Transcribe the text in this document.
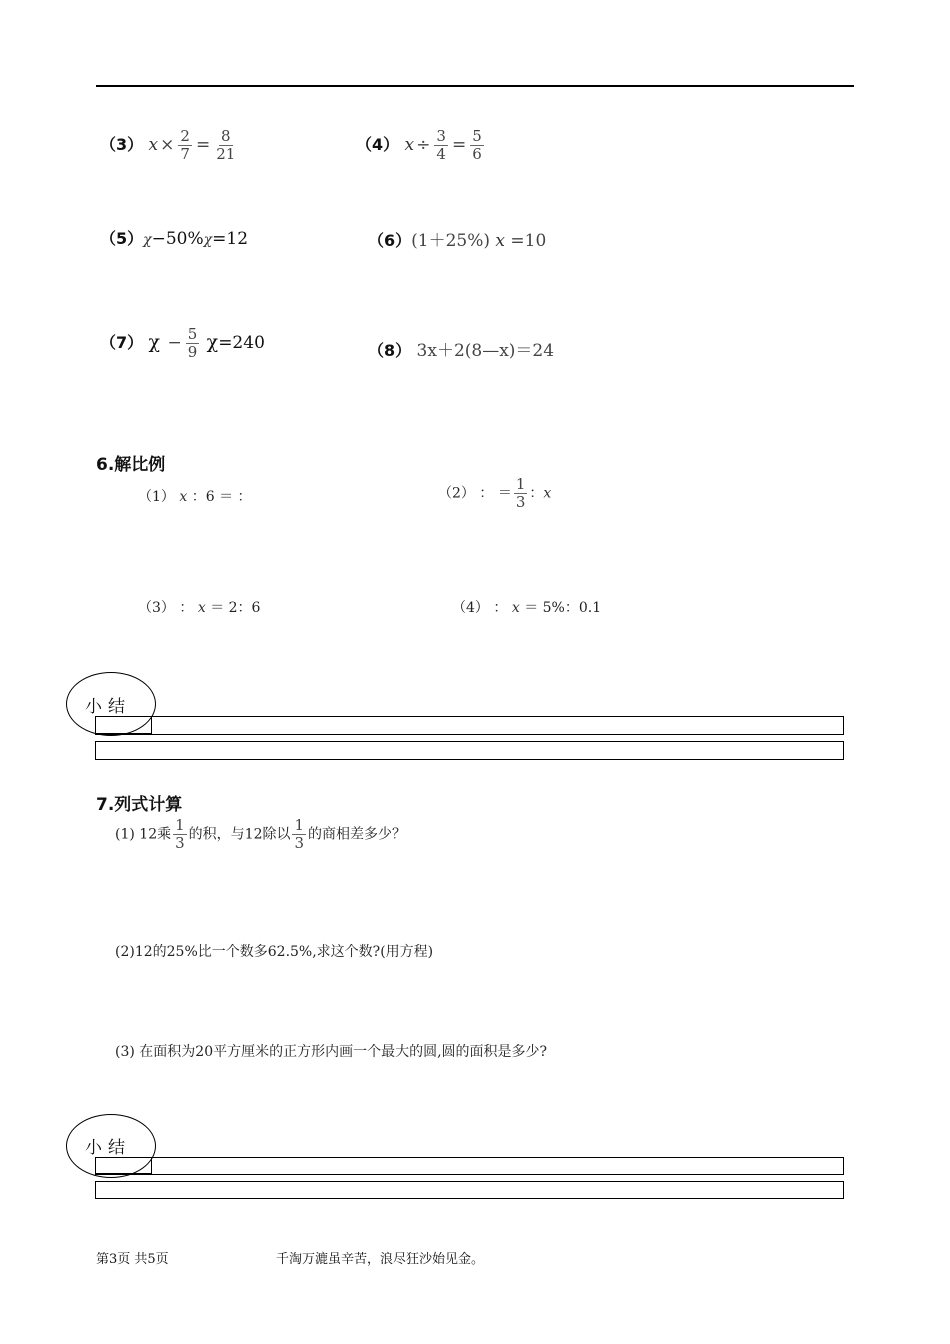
（3） $x \times \frac{2}{7} = \frac{8}{21}$	（4） $x \div \frac{3}{4} = \frac{5}{6}$
（5）χ−50%χ=12	（6）(1＋25%) x =10
（7） $\chi - \frac{5}{9} \chi=240$	（8） 3x＋2(8—x)＝24
6.解比例
（1） x ：6 ＝ ：	（2） ： ＝ $\frac{1}{3}$ ：x
（3） ： x ＝ 2：6	（4） ： x ＝ 5%：0.1
小结
7.列式计算
(1) 12乘 $\frac{1}{3}$ 的积，与12除以 $\frac{1}{3}$ 的商相差多少？
(2)12的25%比一个数多62.5%,求这个数?(用方程)
(3) 在面积为20平方厘米的正方形内画一个最大的圆,圆的面积是多少?
小结
第3页 共5页	千淘万漉虽辛苦，浪尽狂沙始见金。
